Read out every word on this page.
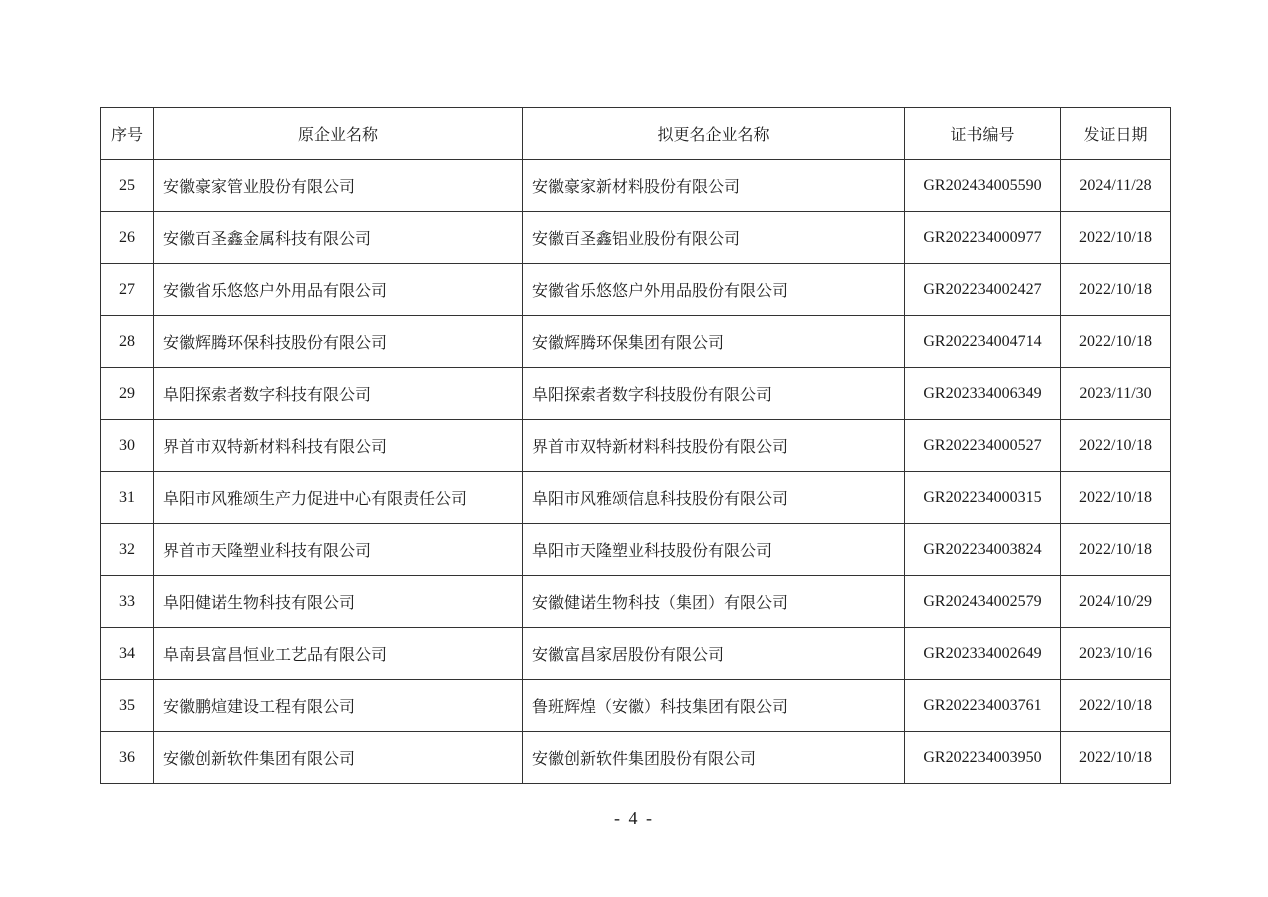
序号	原企业名称	拟更名企业名称	证书编号	发证日期
25	安徽豪家管业股份有限公司	安徽豪家新材料股份有限公司	GR202434005590	2024/11/28
26	安徽百圣鑫金属科技有限公司	安徽百圣鑫铝业股份有限公司	GR202234000977	2022/10/18
27	安徽省乐悠悠户外用品有限公司	安徽省乐悠悠户外用品股份有限公司	GR202234002427	2022/10/18
28	安徽辉腾环保科技股份有限公司	安徽辉腾环保集团有限公司	GR202234004714	2022/10/18
29	阜阳探索者数字科技有限公司	阜阳探索者数字科技股份有限公司	GR202334006349	2023/11/30
30	界首市双特新材料科技有限公司	界首市双特新材料科技股份有限公司	GR202234000527	2022/10/18
31	阜阳市风雅颂生产力促进中心有限责任公司	阜阳市风雅颂信息科技股份有限公司	GR202234000315	2022/10/18
32	界首市天隆塑业科技有限公司	阜阳市天隆塑业科技股份有限公司	GR202234003824	2022/10/18
33	阜阳健诺生物科技有限公司	安徽健诺生物科技（集团）有限公司	GR202434002579	2024/10/29
34	阜南县富昌恒业工艺品有限公司	安徽富昌家居股份有限公司	GR202334002649	2023/10/16
35	安徽鹏煊建设工程有限公司	鲁班辉煌（安徽）科技集团有限公司	GR202234003761	2022/10/18
36	安徽创新软件集团有限公司	安徽创新软件集团股份有限公司	GR202234003950	2022/10/18
- 4 -
